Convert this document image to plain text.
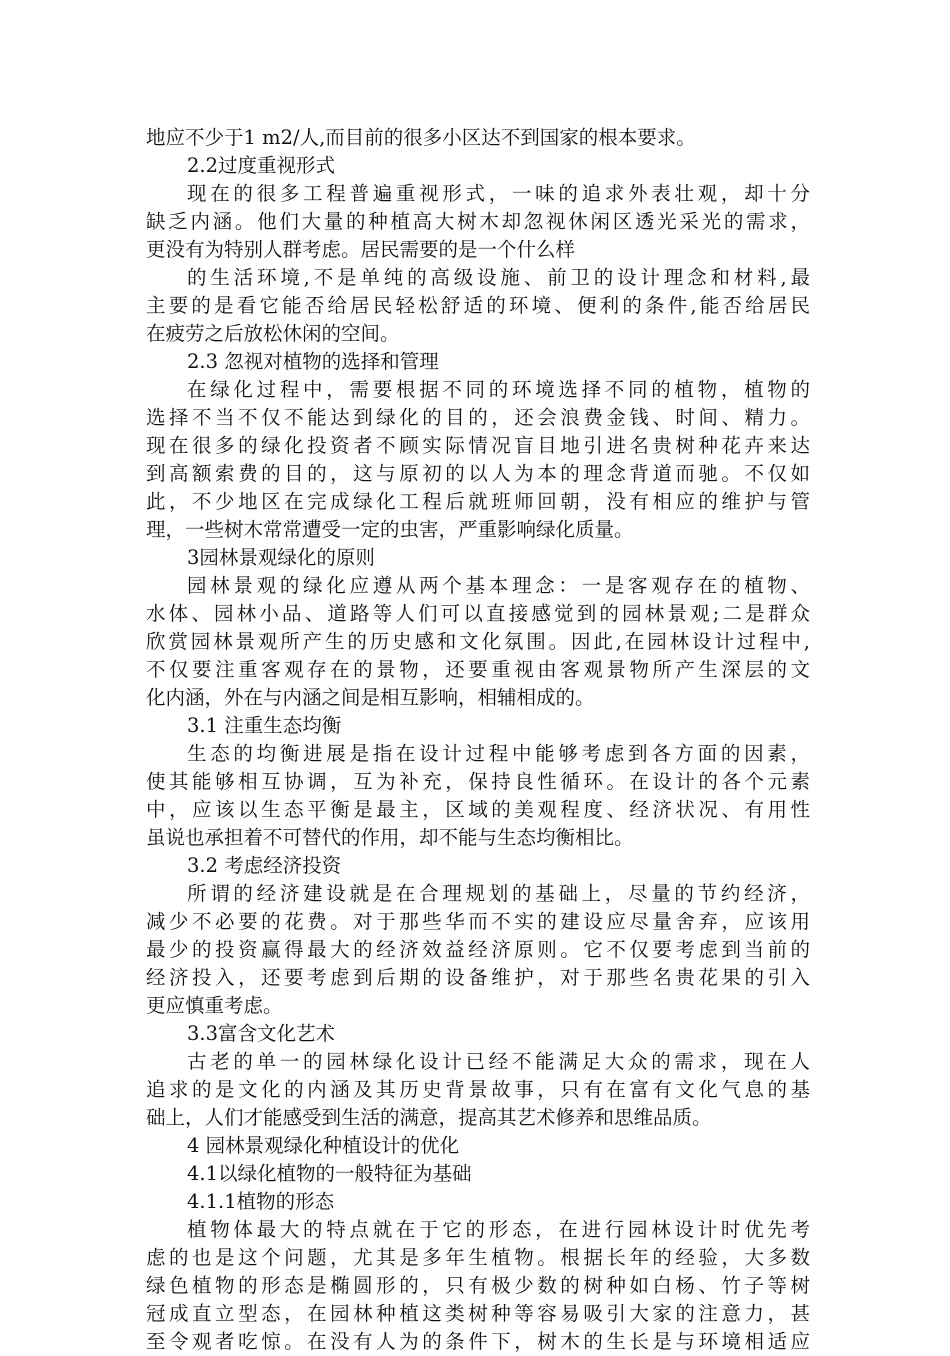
地应不少于1 m2/人,而目前的很多小区达不到国家的根本要求。
2.2过度重视形式
现在的很多工程普遍重视形式，一味的追求外表壮观，却十分
缺乏内涵。他们大量的种植高大树木却忽视休闲区透光采光的需求，
更没有为特别人群考虑。居民需要的是一个什么样
的生活环境,不是单纯的高级设施、前卫的设计理念和材料,最
主要的是看它能否给居民轻松舒适的环境、便利的条件,能否给居民
在疲劳之后放松休闲的空间。
2.3 忽视对植物的选择和管理
在绿化过程中，需要根据不同的环境选择不同的植物，植物的
选择不当不仅不能达到绿化的目的，还会浪费金钱、时间、精力。
现在很多的绿化投资者不顾实际情况盲目地引进名贵树种花卉来达
到高额索费的目的，这与原初的以人为本的理念背道而驰。不仅如
此，不少地区在完成绿化工程后就班师回朝，没有相应的维护与管
理，一些树木常常遭受一定的虫害，严重影响绿化质量。
3园林景观绿化的原则
园林景观的绿化应遵从两个基本理念：一是客观存在的植物、
水体、园林小品、道路等人们可以直接感觉到的园林景观;二是群众
欣赏园林景观所产生的历史感和文化氛围。因此,在园林设计过程中,
不仅要注重客观存在的景物，还要重视由客观景物所产生深层的文
化内涵，外在与内涵之间是相互影响，相辅相成的。
3.1 注重生态均衡
生态的均衡进展是指在设计过程中能够考虑到各方面的因素，
使其能够相互协调，互为补充，保持良性循环。在设计的各个元素
中，应该以生态平衡是最主，区域的美观程度、经济状况、有用性
虽说也承担着不可替代的作用，却不能与生态均衡相比。
3.2 考虑经济投资
所谓的经济建设就是在合理规划的基础上，尽量的节约经济，
减少不必要的花费。对于那些华而不实的建设应尽量舍弃，应该用
最少的投资赢得最大的经济效益经济原则。它不仅要考虑到当前的
经济投入，还要考虑到后期的设备维护，对于那些名贵花果的引入
更应慎重考虑。
3.3富含文化艺术
古老的单一的园林绿化设计已经不能满足大众的需求，现在人
追求的是文化的内涵及其历史背景故事，只有在富有文化气息的基
础上，人们才能感受到生活的满意，提高其艺术修养和思维品质。
4 园林景观绿化种植设计的优化
4.1以绿化植物的一般特征为基础
4.1.1植物的形态
植物体最大的特点就在于它的形态，在进行园林设计时优先考
虑的也是这个问题，尤其是多年生植物。根据长年的经验，大多数
绿色植物的形态是椭圆形的，只有极少数的树种如白杨、竹子等树
冠成直立型态，在园林种植这类树种等容易吸引大家的注意力，甚
至令观者吃惊。在没有人为的条件下，树木的生长是与环境相适应
